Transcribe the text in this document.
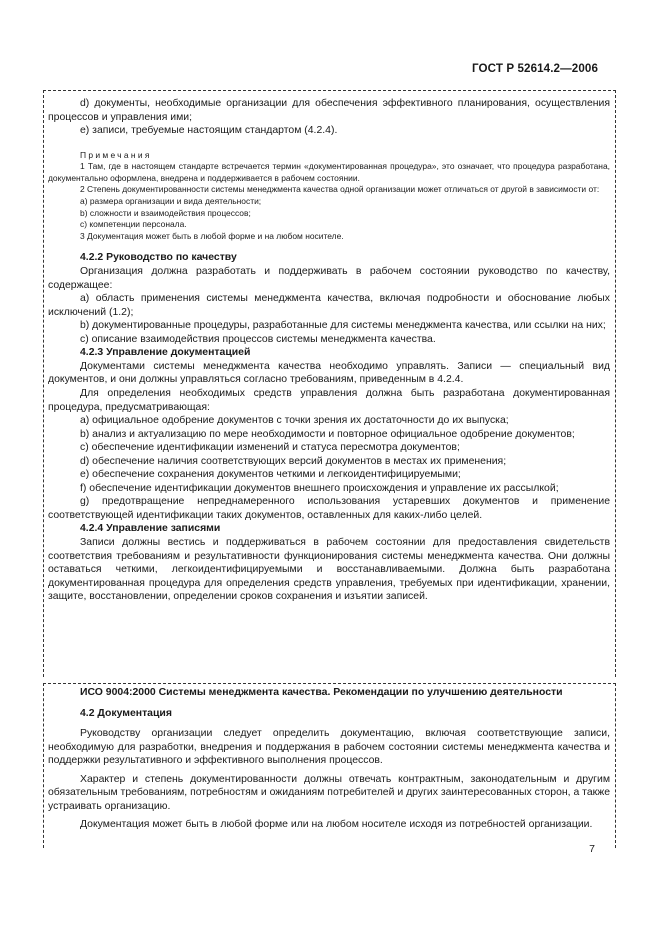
ГОСТ Р 52614.2—2006

d) документы, необходимые организации для обеспечения эффективного планирования, осуществления процессов и управления ими;

е) записи, требуемые настоящим стандартом (4.2.4).

Примечания

1 Там, где в настоящем стандарте встречается термин «документированная процедура», это означает, что процедура разработана, документально оформлена, внедрена и поддерживается в рабочем состоянии.

2 Степень документированности системы менеджмента качества одной организации может отличаться от другой в зависимости от:

a) размера организации и вида деятельности;

b) сложности и взаимодействия процессов;

c) компетенции персонала.

3 Документация может быть в любой форме и на любом носителе.

4.2.2 Руководство по качеству

Организация должна разработать и поддерживать в рабочем состоянии руководство по качеству, содержащее:

a) область применения системы менеджмента качества, включая подробности и обоснование любых исключений (1.2);

b) документированные процедуры, разработанные для системы менеджмента качества, или ссылки на них;

c) описание взаимодействия процессов системы менеджмента качества.

4.2.3 Управление документацией

Документами системы менеджмента качества необходимо управлять. Записи — специальный вид документов, и они должны управляться согласно требованиям, приведенным в 4.2.4.

Для определения необходимых средств управления должна быть разработана документированная процедура, предусматривающая:

a) официальное одобрение документов с точки зрения их достаточности до их выпуска;

b) анализ и актуализацию по мере необходимости и повторное официальное одобрение документов;

c) обеспечение идентификации изменений и статуса пересмотра документов;

d) обеспечение наличия соответствующих версий документов в местах их применения;

e) обеспечение сохранения документов четкими и легкоидентифицируемыми;

f) обеспечение идентификации документов внешнего происхождения и управление их рассылкой;

g) предотвращение непреднамеренного использования устаревших документов и применение соответствующей идентификации таких документов, оставленных для каких-либо целей.

4.2.4 Управление записями

Записи должны вестись и поддерживаться в рабочем состоянии для предоставления свидетельств соответствия требованиям и результативности функционирования системы менеджмента качества. Они должны оставаться четкими, легкоидентифицируемыми и восстанавливаемыми. Должна быть разработана документированная процедура для определения средств управления, требуемых при идентификации, хранении, защите, восстановлении, определении сроков сохранения и изъятии записей.

ИСО 9004:2000 Системы менеджмента качества. Рекомендации по улучшению деятельности

4.2 Документация

Руководству организации следует определить документацию, включая соответствующие записи, необходимую для разработки, внедрения и поддержания в рабочем состоянии системы менеджмента качества и поддержки результативного и эффективного выполнения процессов.

Характер и степень документированности должны отвечать контрактным, законодательным и другим обязательным требованиям, потребностям и ожиданиям потребителей и других заинтересованных сторон, а также устраивать организацию.

Документация может быть в любой форме или на любом носителе исходя из потребностей организации.

7
